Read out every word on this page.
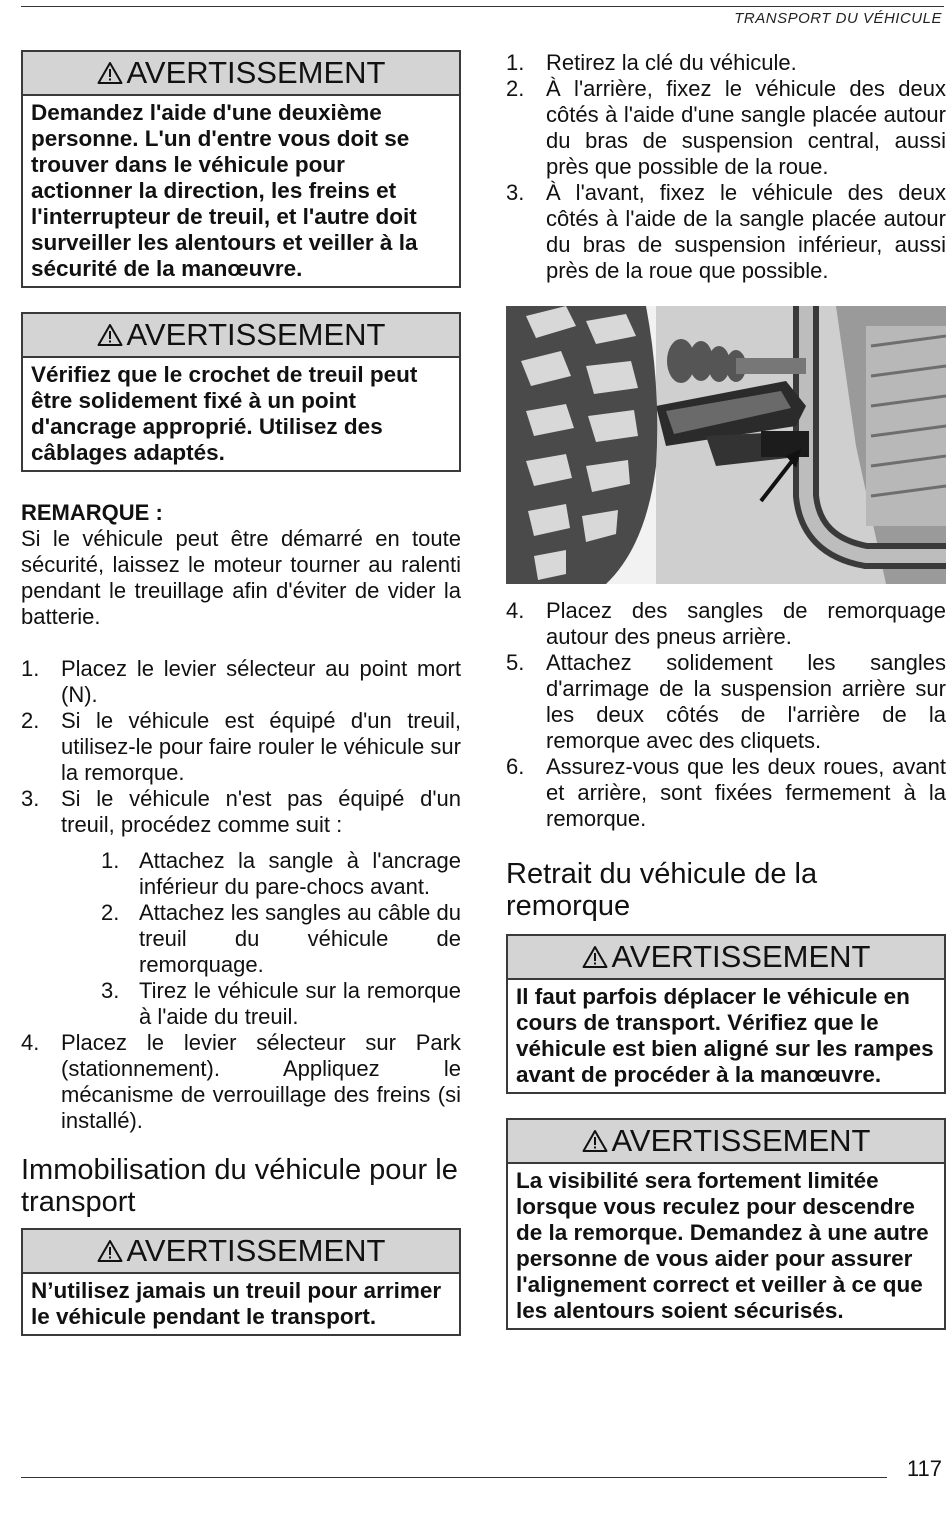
TRANSPORT DU VÉHICULE
AVERTISSEMENT
Demandez l'aide d'une deuxième personne. L'un d'entre vous doit se trouver dans le véhicule pour actionner la direction, les freins et l'interrupteur de treuil, et l'autre doit surveiller les alentours et veiller à la sécurité de la manœuvre.
AVERTISSEMENT
Vérifiez que le crochet de treuil peut être solidement fixé à un point d'ancrage approprié. Utilisez des câblages adaptés.
REMARQUE :
Si le véhicule peut être démarré en toute sécurité, laissez le moteur tourner au ralenti pendant le treuillage afin d'éviter de vider la batterie.
1. Placez le levier sélecteur au point mort (N).
2. Si le véhicule est équipé d'un treuil, utilisez-le pour faire rouler le véhicule sur la remorque.
3. Si le véhicule n'est pas équipé d'un treuil, procédez comme suit :
1. Attachez la sangle à l'ancrage inférieur du pare-chocs avant.
2. Attachez les sangles au câble du treuil du véhicule de remorquage.
3. Tirez le véhicule sur la remorque à l'aide du treuil.
4. Placez le levier sélecteur sur Park (stationnement). Appliquez le mécanisme de verrouillage des freins (si installé).
Immobilisation du véhicule pour le transport
AVERTISSEMENT
N’utilisez jamais un treuil pour arrimer le véhicule pendant le transport.
1. Retirez la clé du véhicule.
2. À l'arrière, fixez le véhicule des deux côtés à l'aide d'une sangle placée autour du bras de suspension central, aussi près que possible de la roue.
3. À l'avant, fixez le véhicule des deux côtés à l'aide de la sangle placée autour du bras de suspension inférieur, aussi près de la roue que possible.
4. Placez des sangles de remorquage autour des pneus arrière.
5. Attachez solidement les sangles d'arrimage de la suspension arrière sur les deux côtés de l'arrière de la remorque avec des cliquets.
6. Assurez-vous que les deux roues, avant et arrière, sont fixées fermement à la remorque.
Retrait du véhicule de la remorque
AVERTISSEMENT
Il faut parfois déplacer le véhicule en cours de transport. Vérifiez que le véhicule est bien aligné sur les rampes avant de procéder à la manœuvre.
AVERTISSEMENT
La visibilité sera fortement limitée lorsque vous reculez pour descendre de la remorque. Demandez à une autre personne de vous aider pour assurer l'alignement correct et veiller à ce que les alentours soient sécurisés.
117
